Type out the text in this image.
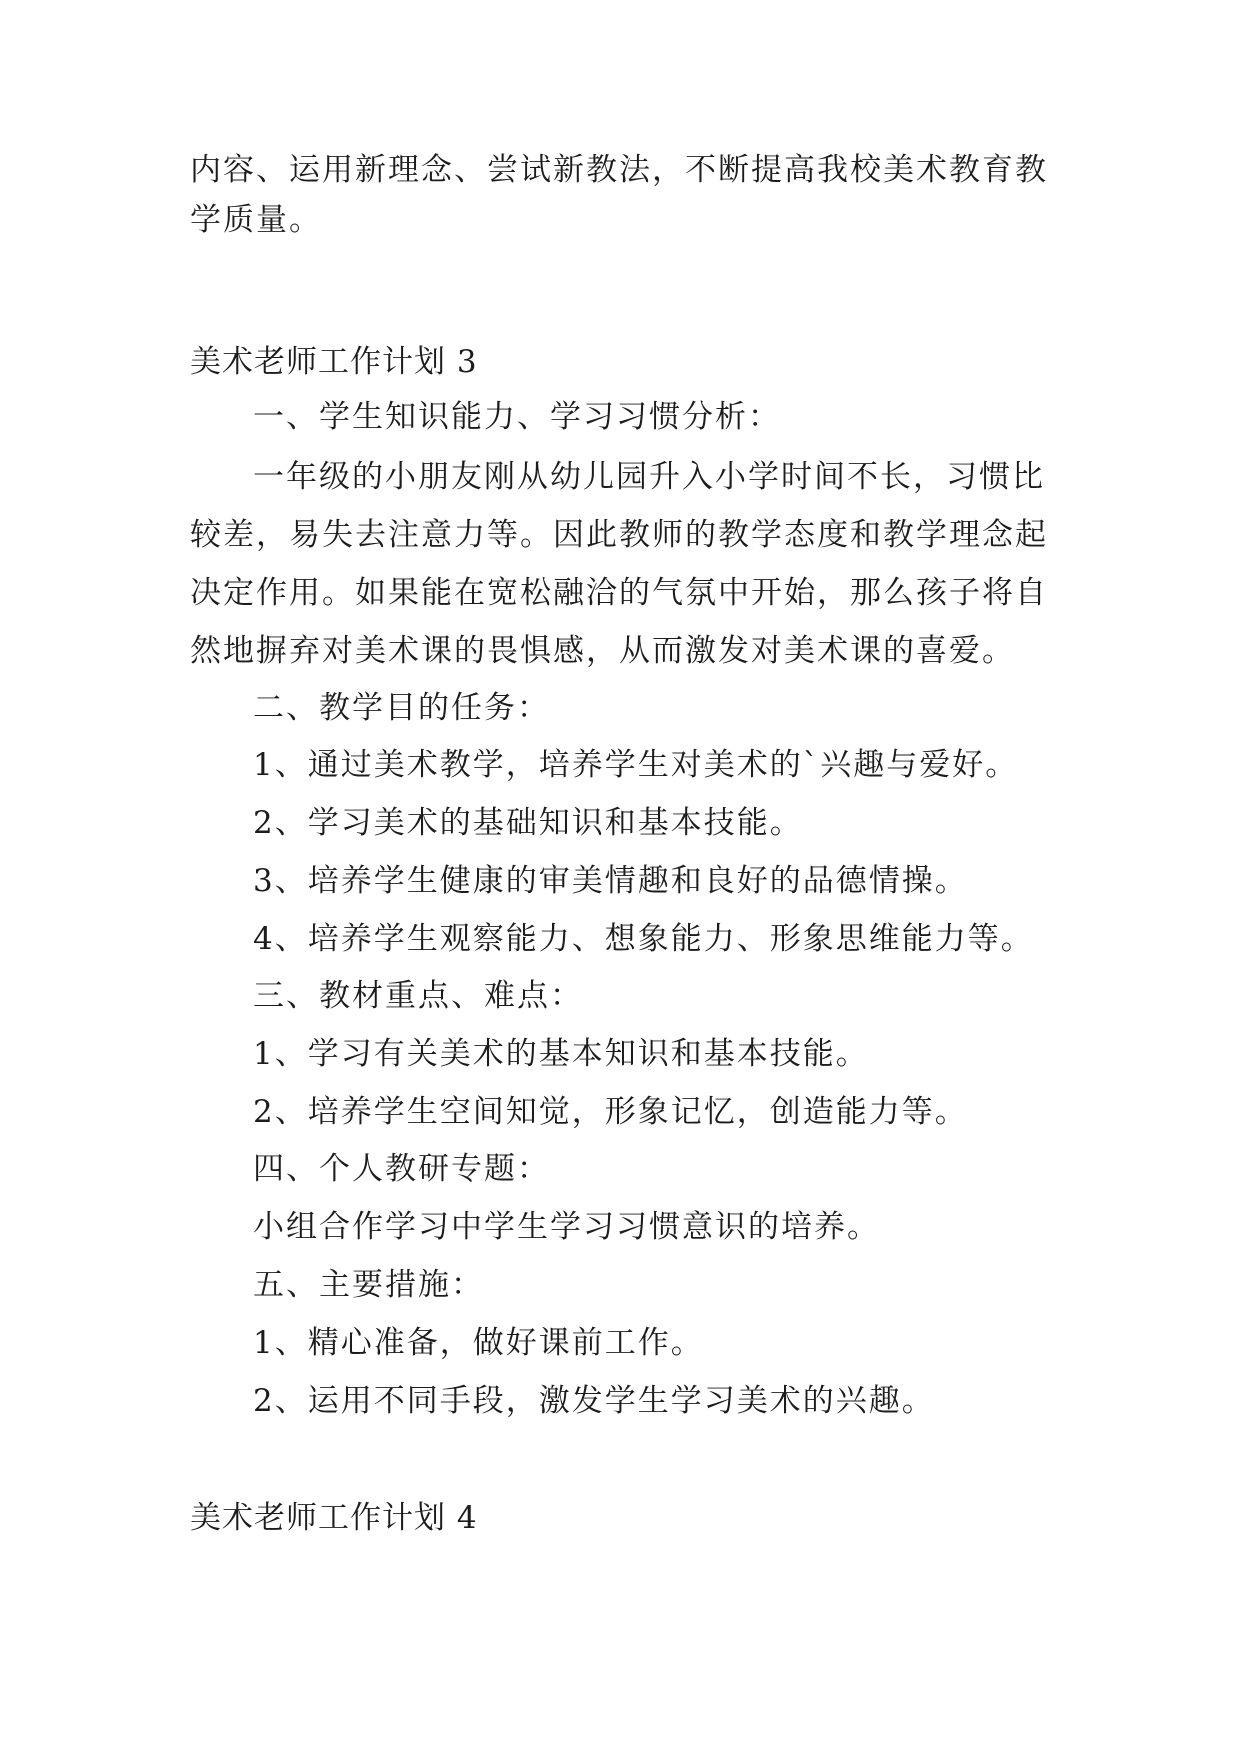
内容、运用新理念、尝试新教法，不断提高我校美术教育教
学质量。
美术老师工作计划 3
一、学生知识能力、学习习惯分析：
一年级的小朋友刚从幼儿园升入小学时间不长，习惯比
较差，易失去注意力等。因此教师的教学态度和教学理念起
决定作用。如果能在宽松融洽的气氛中开始，那么孩子将自
然地摒弃对美术课的畏惧感，从而激发对美术课的喜爱。
二、教学目的任务：
1、通过美术教学，培养学生对美术的`兴趣与爱好。
2、学习美术的基础知识和基本技能。
3、培养学生健康的审美情趣和良好的品德情操。
4、培养学生观察能力、想象能力、形象思维能力等。
三、教材重点、难点：
1、学习有关美术的基本知识和基本技能。
2、培养学生空间知觉，形象记忆，创造能力等。
四、个人教研专题：
小组合作学习中学生学习习惯意识的培养。
五、主要措施：
1、精心准备，做好课前工作。
2、运用不同手段，激发学生学习美术的兴趣。
美术老师工作计划 4
